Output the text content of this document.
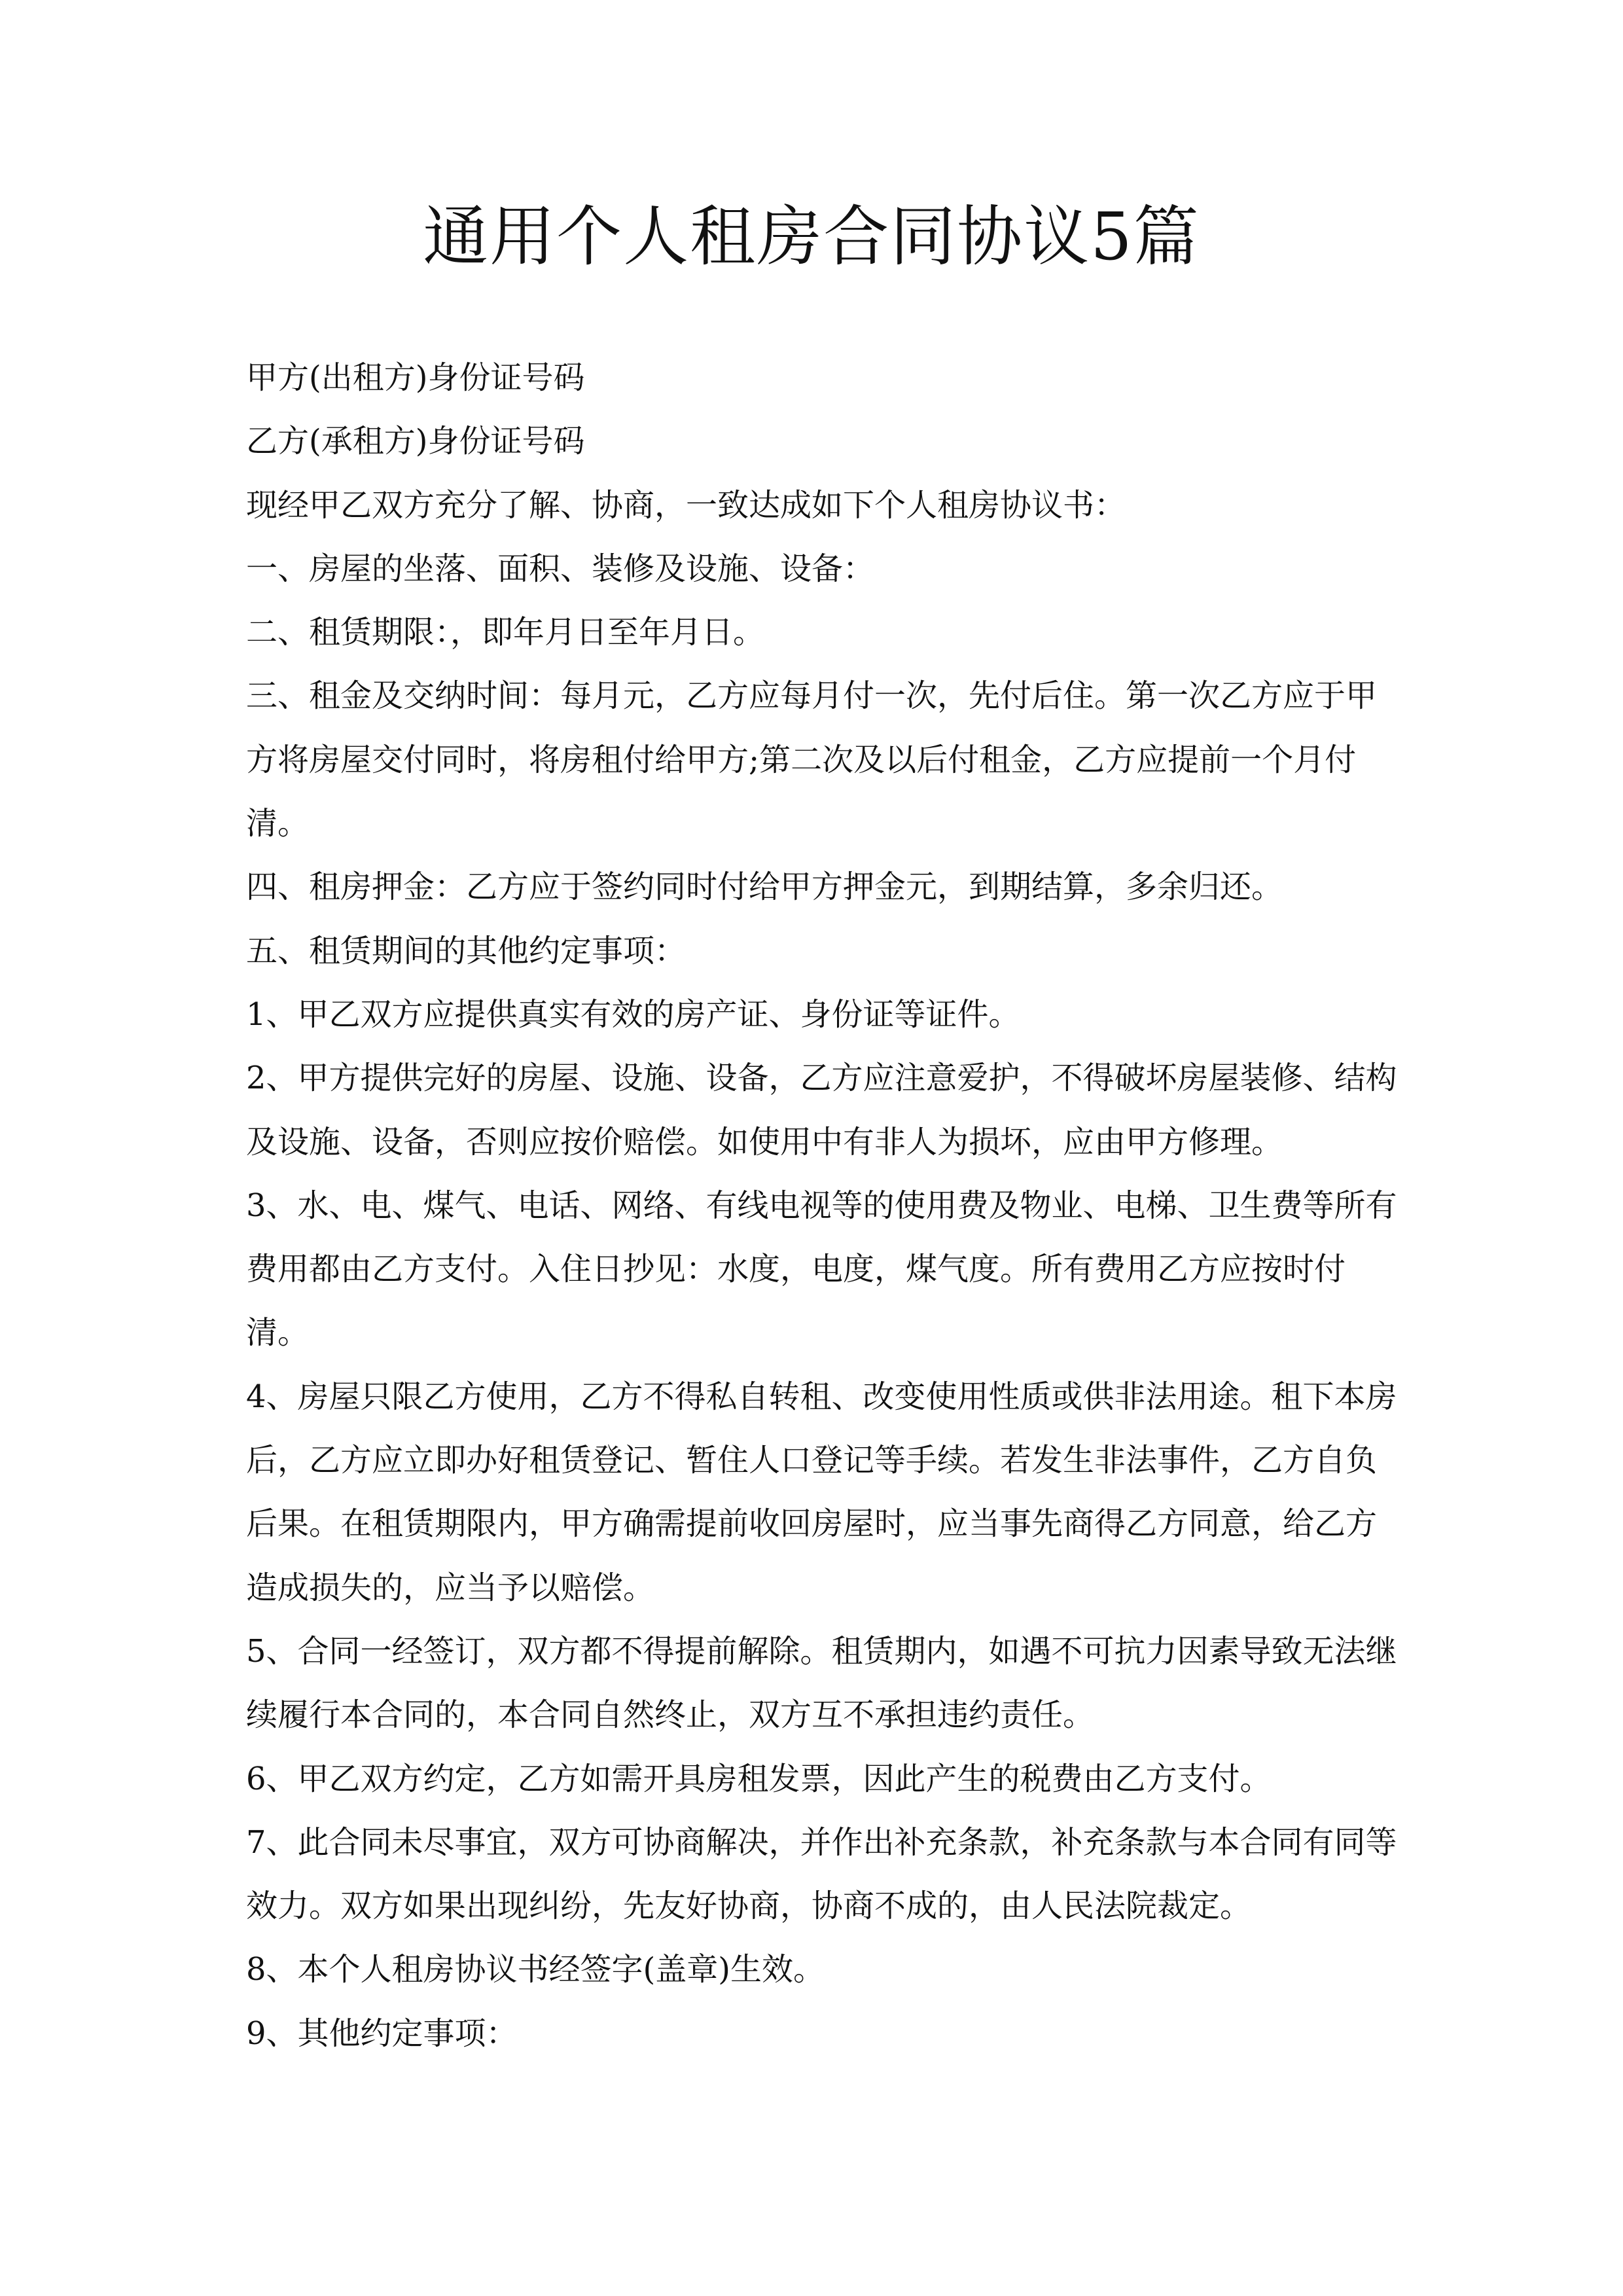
通用个人租房合同协议5篇

甲方(出租方)身份证号码

乙方(承租方)身份证号码

现经甲乙双方充分了解、协商，一致达成如下个人租房协议书：

一、房屋的坐落、面积、装修及设施、设备：

二、租赁期限：，即年月日至年月日。

三、租金及交纳时间：每月元，乙方应每月付一次，先付后住。第一次乙方应于甲方将房屋交付同时，将房租付给甲方;第二次及以后付租金，乙方应提前一个月付清。

四、租房押金：乙方应于签约同时付给甲方押金元，到期结算，多余归还。

五、租赁期间的其他约定事项：

1、甲乙双方应提供真实有效的房产证、身份证等证件。

2、甲方提供完好的房屋、设施、设备，乙方应注意爱护，不得破坏房屋装修、结构及设施、设备，否则应按价赔偿。如使用中有非人为损坏，应由甲方修理。

3、水、电、煤气、电话、网络、有线电视等的使用费及物业、电梯、卫生费等所有费用都由乙方支付。入住日抄见：水度，电度，煤气度。所有费用乙方应按时付清。

4、房屋只限乙方使用，乙方不得私自转租、改变使用性质或供非法用途。租下本房后，乙方应立即办好租赁登记、暂住人口登记等手续。若发生非法事件，乙方自负后果。在租赁期限内，甲方确需提前收回房屋时，应当事先商得乙方同意，给乙方造成损失的，应当予以赔偿。

5、合同一经签订，双方都不得提前解除。租赁期内，如遇不可抗力因素导致无法继续履行本合同的，本合同自然终止，双方互不承担违约责任。

6、甲乙双方约定，乙方如需开具房租发票，因此产生的税费由乙方支付。

7、此合同未尽事宜，双方可协商解决，并作出补充条款，补充条款与本合同有同等效力。双方如果出现纠纷，先友好协商，协商不成的，由人民法院裁定。

8、本个人租房协议书经签字(盖章)生效。

9、其他约定事项：
